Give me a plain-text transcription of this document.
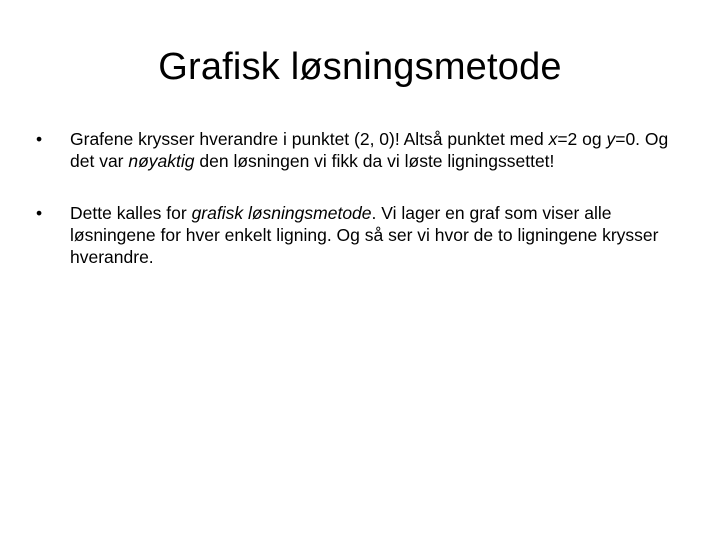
Grafisk løsningsmetode
•	Grafene krysser hverandre i punktet (2, 0)! Altså punktet med x=2 og y=0. Og det var nøyaktig den løsningen vi fikk da vi løste ligningssettet!
•	Dette kalles for grafisk løsningsmetode. Vi lager en graf som viser alle løsningene for hver enkelt ligning. Og så ser vi hvor de to ligningene krysser hverandre.
